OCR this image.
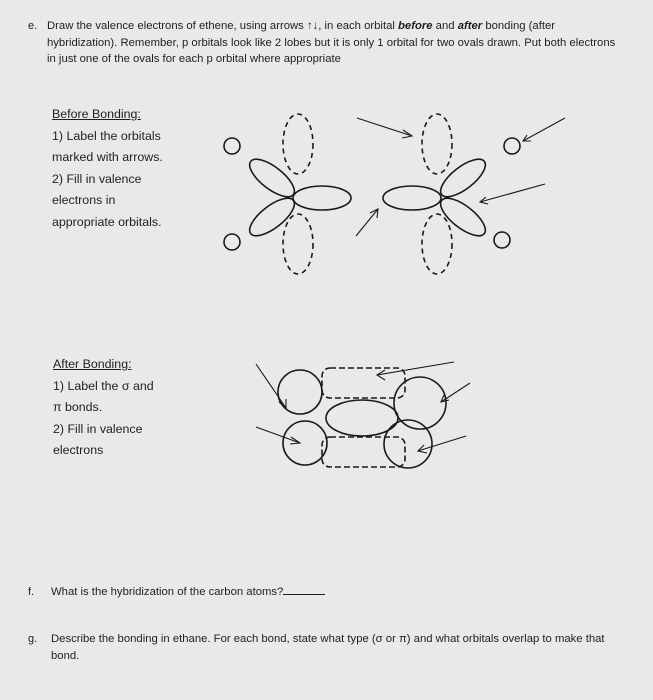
e. Draw the valence electrons of ethene, using arrows ↑↓, in each orbital before and after bonding (after hybridization). Remember, p orbitals look like 2 lobes but it is only 1 orbital for two ovals drawn. Put both electrons in just one of the ovals for each p orbital where appropriate
Before Bonding:
1) Label the orbitals
marked with arrows.
2) Fill in valence
electrons in
appropriate orbitals.
After Bonding:
1) Label the σ and
π bonds.
2) Fill in valence
electrons
f. What is the hybridization of the carbon atoms?
g. Describe the bonding in ethane. For each bond, state what type (σ or π) and what orbitals overlap to make that bond.
